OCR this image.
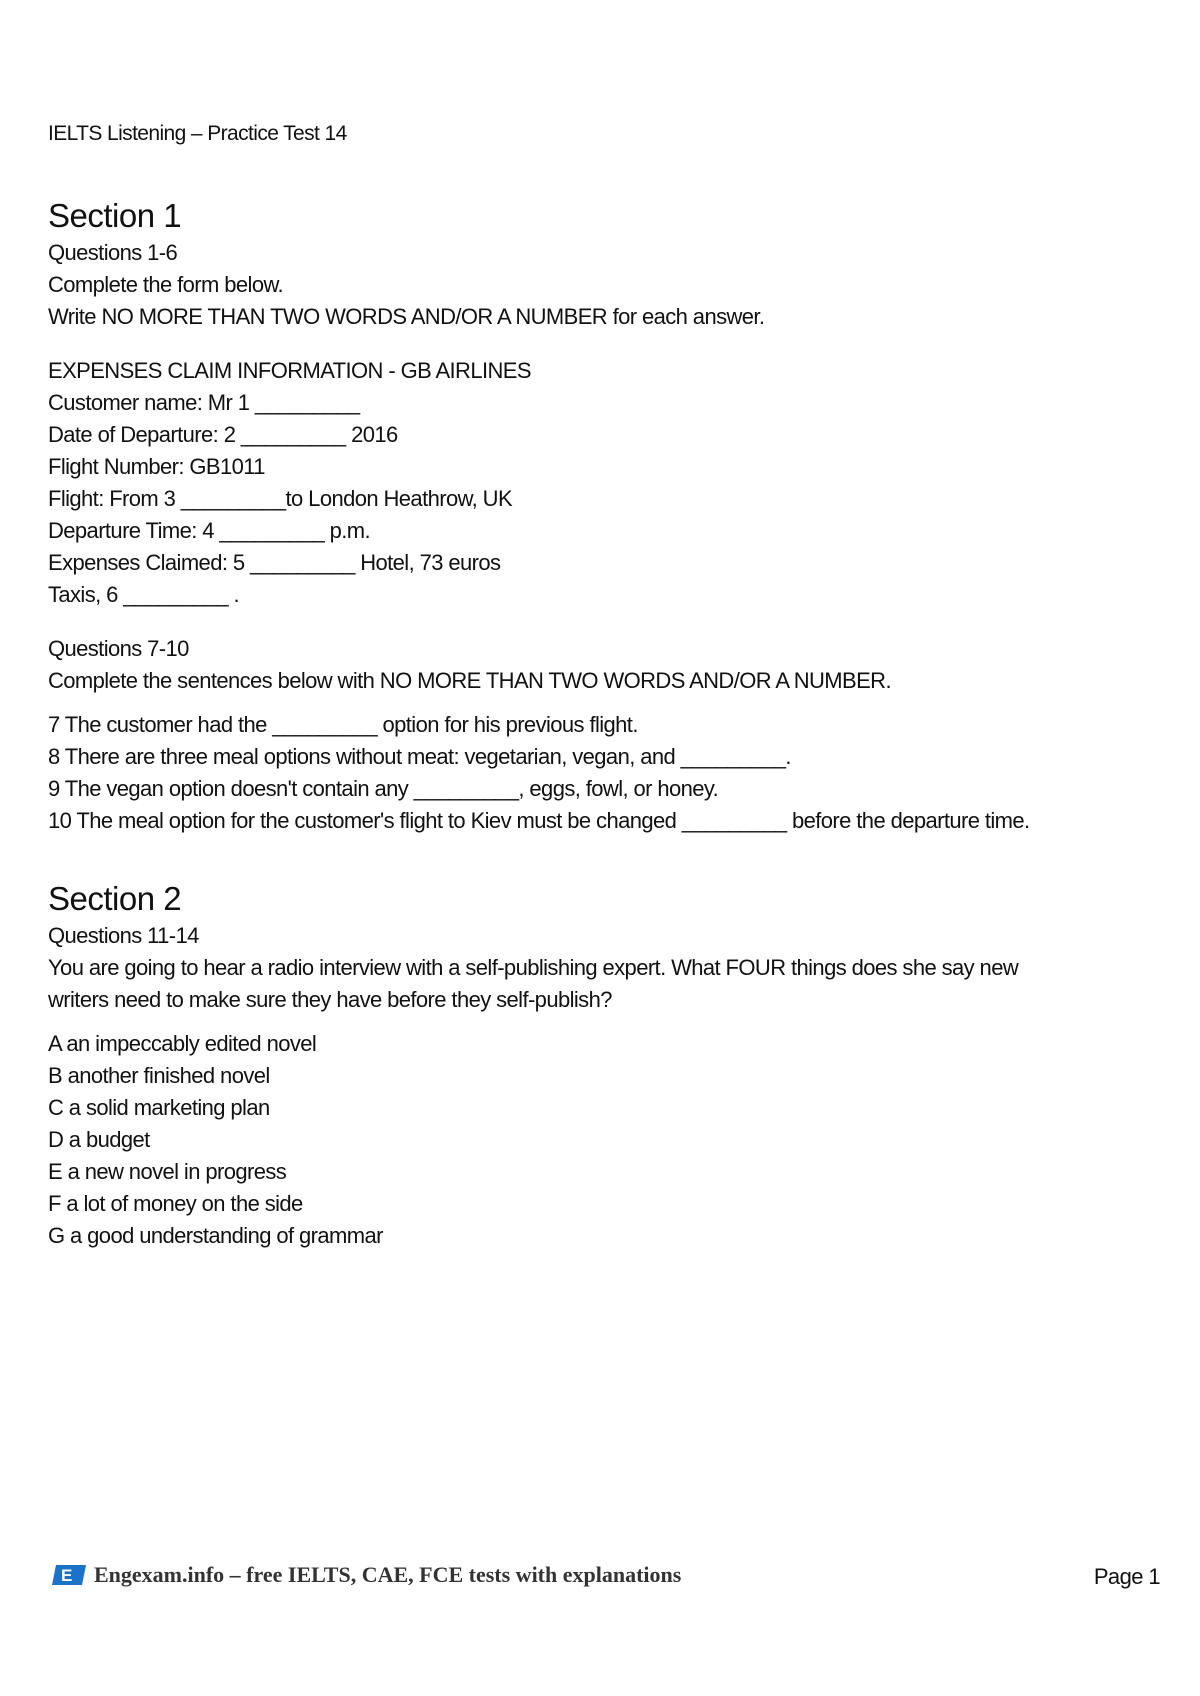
IELTS Listening – Practice Test 14
Section 1
Questions 1-6
Complete the form below.
Write NO MORE THAN TWO WORDS AND/OR A NUMBER for each answer.
EXPENSES CLAIM INFORMATION - GB AIRLINES
Customer name: Mr 1 _________
Date of Departure: 2 _________ 2016
Flight Number: GB1011
Flight: From 3 _________to London Heathrow, UK
Departure Time: 4 _________ p.m.
Expenses Claimed: 5 _________ Hotel, 73 euros
Taxis, 6 _________ .
Questions 7-10
Complete the sentences below with NO MORE THAN TWO WORDS AND/OR A NUMBER.
7 The customer had the _________ option for his previous flight.
8 There are three meal options without meat: vegetarian, vegan, and _________.
9 The vegan option doesn't contain any _________, eggs, fowl, or honey.
10 The meal option for the customer's flight to Kiev must be changed _________ before the departure time.
Section 2
Questions 11-14
You are going to hear a radio interview with a self-publishing expert. What FOUR things does she say new
writers need to make sure they have before they self-publish?
A an impeccably edited novel
B another finished novel
C a solid marketing plan
D a budget
E a new novel in progress
F a lot of money on the side
G a good understanding of grammar
E Engexam.info – free IELTS, CAE, FCE tests with explanations	Page 1
